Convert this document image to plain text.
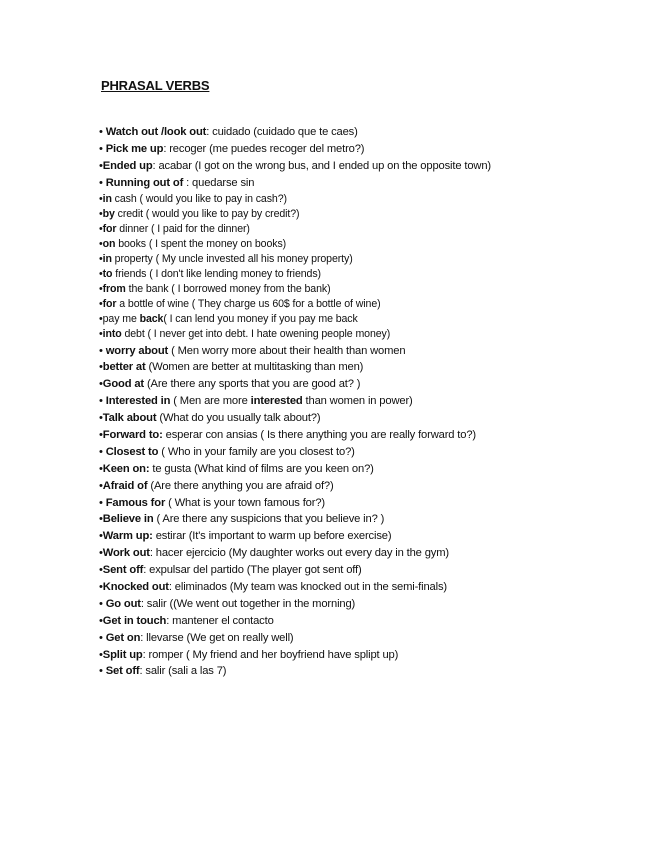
PHRASAL VERBS
• Watch out /look out: cuidado (cuidado que te caes)
• Pick me up: recoger (me puedes recoger del metro?)
•Ended up: acabar (I got on the wrong bus, and I ended up on the opposite town)
• Running out of : quedarse sin
•in cash ( would you like to pay in cash?)
•by credit ( would you like to pay by credit?)
•for dinner ( I paid for the dinner)
•on books ( I spent the money on books)
•in property ( My uncle invested all his money property)
•to friends ( I don't like lending money to friends)
•from the bank ( I borrowed money from the bank)
•for a bottle of wine ( They charge us 60$ for a bottle of wine)
•pay me back( I can lend you money if you pay me back
•into debt ( I never get into debt. I hate owening people money)
• worry about ( Men worry more about their health than women
•better at (Women are better at multitasking than men)
•Good at (Are there any sports that you are good at? )
• Interested in ( Men are more interested than women in power)
•Talk about (What do you usually talk about?)
•Forward to: esperar con ansias ( Is there anything you are really forward to?)
• Closest to ( Who in your family are you closest to?)
•Keen on: te gusta (What kind of films are you keen on?)
•Afraid of (Are there anything you are afraid of?)
• Famous for ( What is your town famous for?)
•Believe in ( Are there any suspicions that you believe in? )
•Warm up: estirar (It's important to warm up before exercise)
•Work out: hacer ejercicio (My daughter works out every day in the gym)
•Sent off: expulsar del partido (The player got sent off)
•Knocked out: eliminados (My team was knocked out in the semi-finals)
• Go out: salir ((We went out together in the morning)
•Get in touch: mantener el contacto
• Get on: llevarse (We get on really well)
•Split up: romper ( My friend and her boyfriend have splipt up)
• Set off: salir (sali a las 7)
